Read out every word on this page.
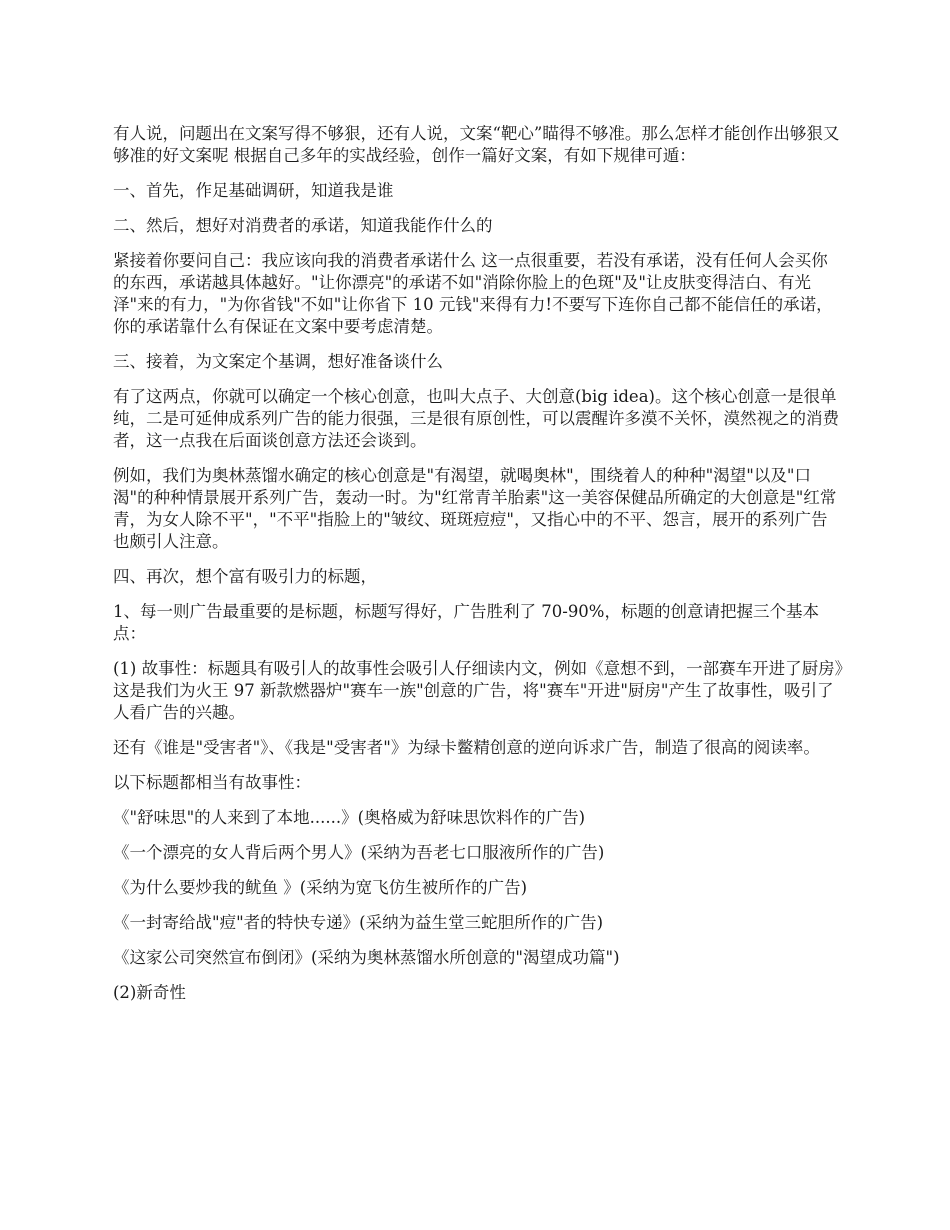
有人说，问题出在文案写得不够狠，还有人说，文案“靶心”瞄得不够准。那么怎样才能创作出够狠又够准的好文案呢 根据自己多年的实战经验，创作一篇好文案，有如下规律可遁：

一、首先，作足基础调研，知道我是谁

二、然后，想好对消费者的承诺，知道我能作什么的

紧接着你要问自己：我应该向我的消费者承诺什么 这一点很重要，若没有承诺，没有任何人会买你的东西，承诺越具体越好。"让你漂亮"的承诺不如"消除你脸上的色斑"及"让皮肤变得洁白、有光泽"来的有力，"为你省钱"不如"让你省下 10 元钱"来得有力!不要写下连你自己都不能信任的承诺，你的承诺靠什么有保证在文案中要考虑清楚。

三、接着，为文案定个基调，想好准备谈什么

有了这两点，你就可以确定一个核心创意，也叫大点子、大创意(big idea)。这个核心创意一是很单纯，二是可延伸成系列广告的能力很强，三是很有原创性，可以震醒许多漠不关怀，漠然视之的消费者，这一点我在后面谈创意方法还会谈到。

例如，我们为奥林蒸馏水确定的核心创意是"有渴望，就喝奥林"，围绕着人的种种"渴望"以及"口渴"的种种情景展开系列广告，轰动一时。为"红常青羊胎素"这一美容保健品所确定的大创意是"红常青，为女人除不平"，"不平"指脸上的"皱纹、斑斑痘痘"，又指心中的不平、怨言，展开的系列广告也颇引人注意。

四、再次，想个富有吸引力的标题，

1、每一则广告最重要的是标题，标题写得好，广告胜利了 70-90%，标题的创意请把握三个基本点：

(1) 故事性：标题具有吸引人的故事性会吸引人仔细读内文，例如《意想不到，一部赛车开进了厨房》这是我们为火王 97 新款燃器炉"赛车一族"创意的广告，将"赛车"开进"厨房"产生了故事性，吸引了人看广告的兴趣。

还有《谁是"受害者"》、《我是"受害者"》为绿卡鳖精创意的逆向诉求广告，制造了很高的阅读率。

以下标题都相当有故事性：

《"舒味思"的人来到了本地......》(奥格威为舒味思饮料作的广告)

《一个漂亮的女人背后两个男人》(采纳为吾老七口服液所作的广告)

《为什么要炒我的鱿鱼 》(采纳为宽飞仿生被所作的广告)

《一封寄给战"痘"者的特快专递》(采纳为益生堂三蛇胆所作的广告)

《这家公司突然宣布倒闭》(采纳为奥林蒸馏水所创意的"渴望成功篇")

(2)新奇性
